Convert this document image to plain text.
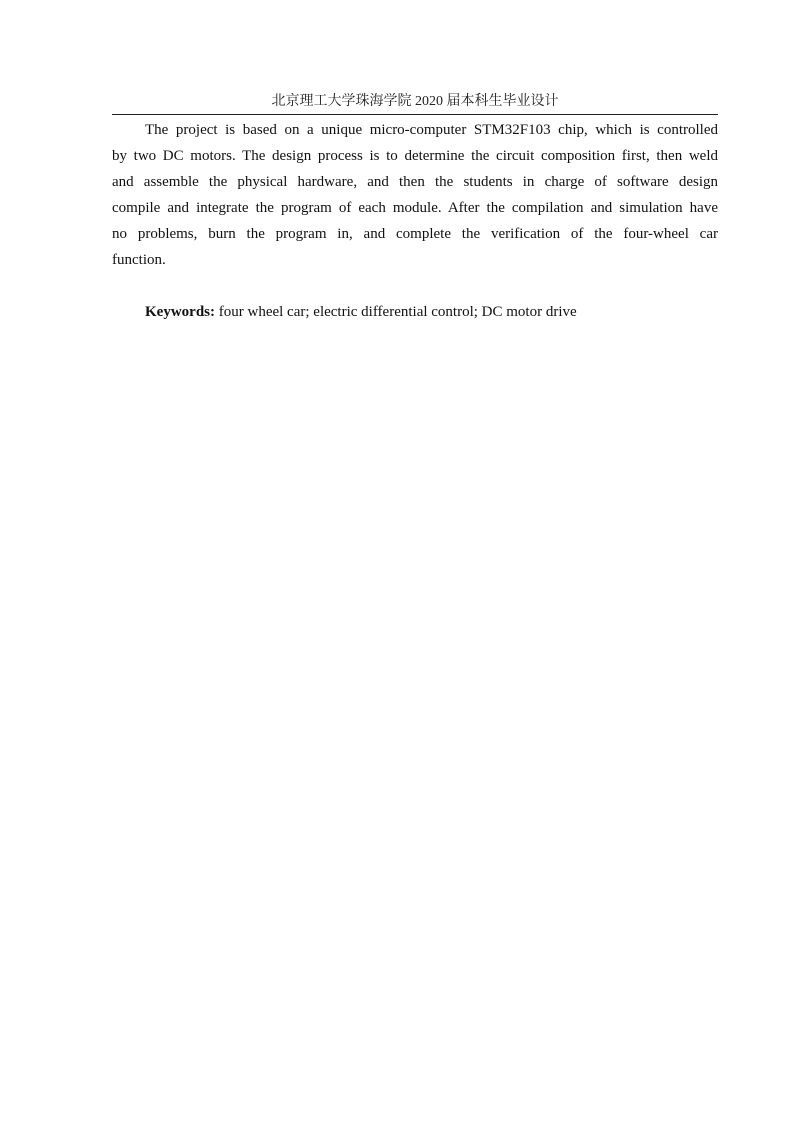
北京理工大学珠海学院 2020 届本科生毕业设计
The project is based on a unique micro-computer STM32F103 chip, which is controlled
by two DC motors. The design process is to determine the circuit composition first, then weld
and assemble the physical hardware, and then the students in charge of software design
compile and integrate the program of each module. After the compilation and simulation have
no problems, burn the program in, and complete the verification of the four-wheel car
function.
Keywords: four wheel car; electric differential control; DC motor drive
